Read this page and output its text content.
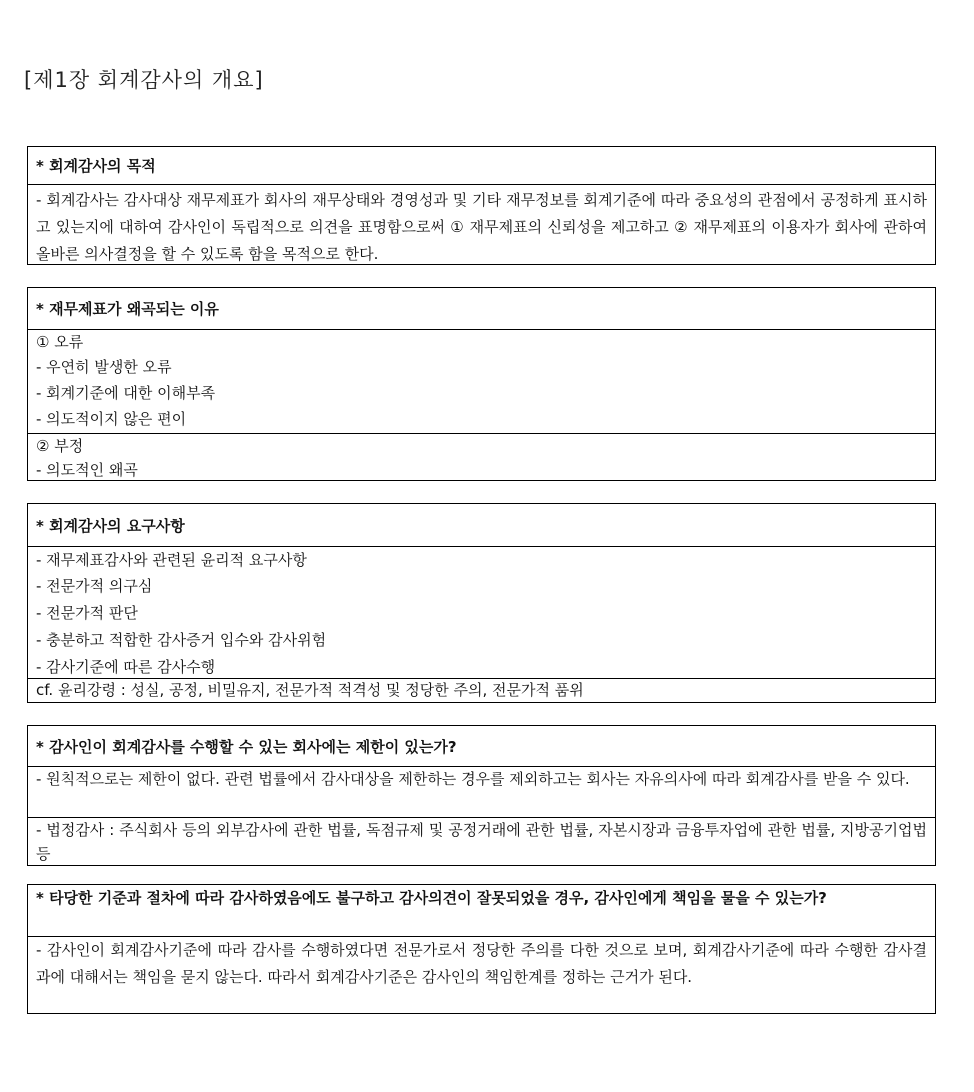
[제1장 회계감사의 개요]
* 회계감사의 목적
- 회계감사는 감사대상 재무제표가 회사의 재무상태와 경영성과 및 기타 재무정보를 회계기준에 따라 중요성의 관점에서 공정하게 표시하고 있는지에 대하여 감사인이 독립적으로 의견을 표명함으로써 ① 재무제표의 신뢰성을 제고하고 ② 재무제표의 이용자가 회사에 관하여 올바른 의사결정을 할 수 있도록 함을 목적으로 한다.
* 재무제표가 왜곡되는 이유
① 오류
- 우연히 발생한 오류
- 회계기준에 대한 이해부족
- 의도적이지 않은 편이
② 부정
- 의도적인 왜곡
* 회계감사의 요구사항
- 재무제표감사와 관련된 윤리적 요구사항
- 전문가적 의구심
- 전문가적 판단
- 충분하고 적합한 감사증거 입수와 감사위험
- 감사기준에 따른 감사수행
cf. 윤리강령 : 성실, 공정, 비밀유지, 전문가적 적격성 및 정당한 주의, 전문가적 품위
* 감사인이 회계감사를 수행할 수 있는 회사에는 제한이 있는가?
- 원칙적으로는 제한이 없다. 관련 법률에서 감사대상을 제한하는 경우를 제외하고는 회사는 자유의사에 따라 회계감사를 받을 수 있다.
- 법정감사 : 주식회사 등의 외부감사에 관한 법률, 독점규제 및 공정거래에 관한 법률, 자본시장과 금융투자업에 관한 법률, 지방공기업법 등
* 타당한 기준과 절차에 따라 감사하였음에도 불구하고 감사의견이 잘못되었을 경우, 감사인에게 책임을 물을 수 있는가?
- 감사인이 회계감사기준에 따라 감사를 수행하였다면 전문가로서 정당한 주의를 다한 것으로 보며, 회계감사기준에 따라 수행한 감사결과에 대해서는 책임을 묻지 않는다. 따라서 회계감사기준은 감사인의 책임한계를 정하는 근거가 된다.
